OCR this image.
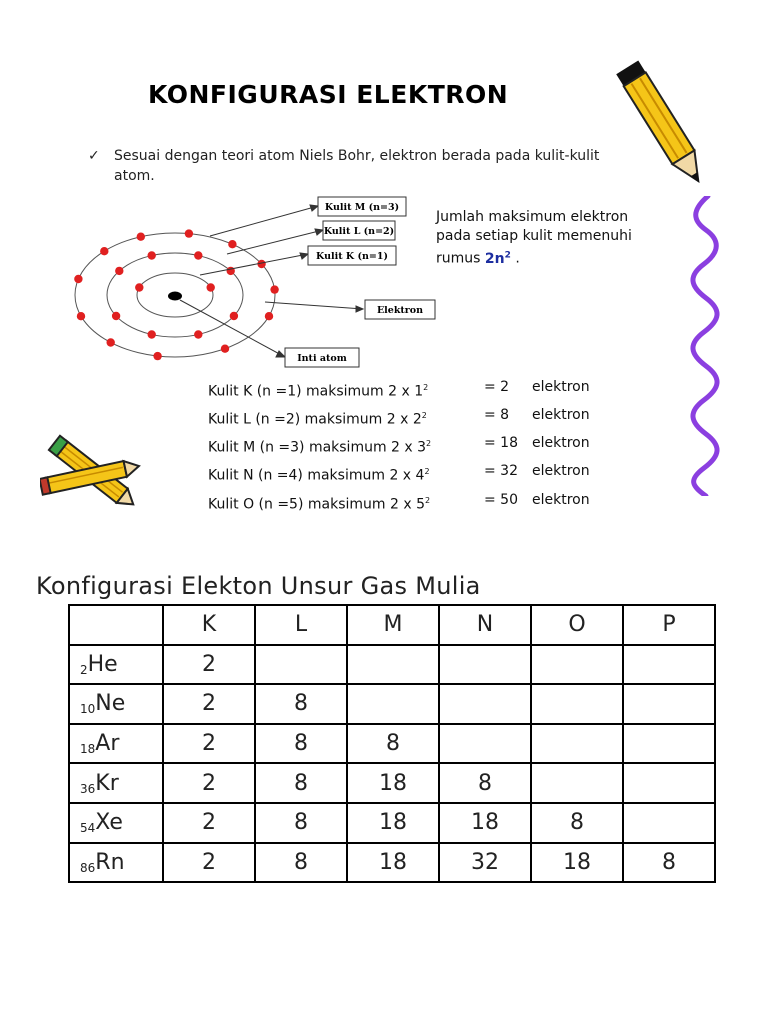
KONFIGURASI ELEKTRON
✓ Sesuai dengan teori atom Niels Bohr, elektron berada pada kulit-kulit atom.
Kulit M (n=3)
Kulit L (n=2)
Kulit K (n=1)
Elektron
Inti atom
Jumlah maksimum elektron
pada setiap kulit memenuhi
rumus $2n^2$ .
Kulit K (n =1) maksimum 2 x $1^2$	= 2	elektron
Kulit L (n =2) maksimum 2 x $2^2$	= 8	elektron
Kulit M (n =3) maksimum 2 x $3^2$	= 18	elektron
Kulit N (n =4) maksimum 2 x $4^2$	= 32	elektron
Kulit O (n =5) maksimum 2 x $5^2$	= 50	elektron
Konfigurasi Elekton Unsur Gas Mulia
	K	L	M	N	O	P
$_2$He	2					
$_{10}$Ne	2	8				
$_{18}$Ar	2	8	8			
$_{36}$Kr	2	8	18	8		
$_{54}$Xe	2	8	18	18	8	
$_{86}$Rn	2	8	18	32	18	8
